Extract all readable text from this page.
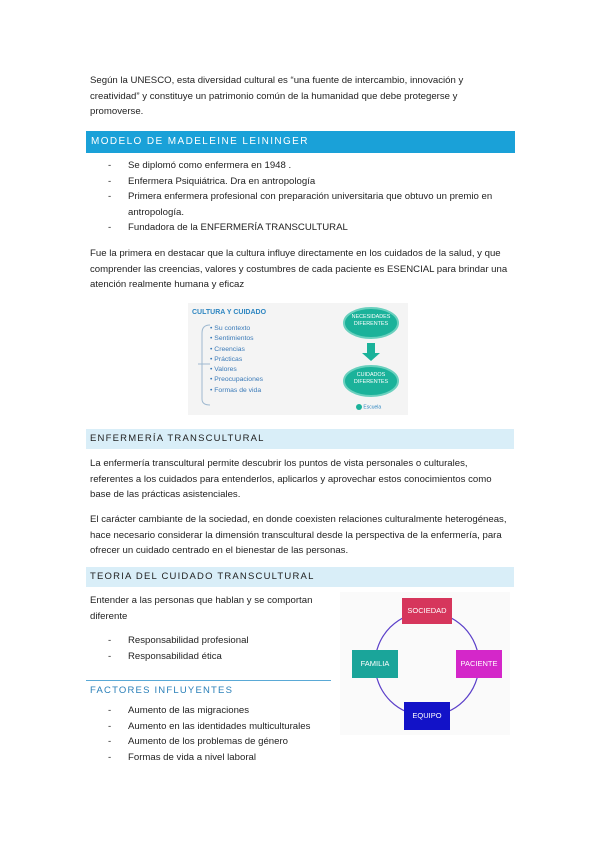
Según la UNESCO, esta diversidad cultural es “una fuente de intercambio, innovación y creatividad” y constituye un patrimonio común de la humanidad que debe protegerse y promoverse.
MODELO DE MADELEINE LEININGER
- Se diplomó como enfermera en 1948 .
- Enfermera Psiquiátrica. Dra en antropología
- Primera enfermera profesional con preparación universitaria que obtuvo un premio en antropología.
- Fundadora de la ENFERMERÍA TRANSCULTURAL
Fue la primera en destacar que la cultura influye directamente en los cuidados de la salud, y que comprender las creencias, valores y costumbres de cada paciente es ESENCIAL para brindar una atención realmente humana y eficaz
CULTURA Y CUIDADO
• Su contexto
• Sentimientos
• Creencias
• Prácticas
• Valores
• Preocupaciones
• Formas de vida
NECESIDADES DIFERENTES
CUIDADOS DIFERENTES
Escuela
ENFERMERÍA TRANSCULTURAL
La enfermería transcultural permite descubrir los puntos de vista personales o culturales, referentes a los cuidados para entenderlos, aplicarlos y aprovechar estos conocimientos como base de las prácticas asistenciales.
El carácter cambiante de la sociedad, en donde coexisten relaciones culturalmente heterogéneas, hace necesario considerar la dimensión transcultural desde la perspectiva de la enfermería, para ofrecer un cuidado centrado en el bienestar de las personas.
TEORIA DEL CUIDADO TRANSCULTURAL
Entender a las personas que hablan y se comportan diferente
- Responsabilidad profesional
- Responsabilidad ética
FACTORES INFLUYENTES
- Aumento de las migraciones
- Aumento en las identidades multiculturales
- Aumento de los problemas de género
- Formas de vida a nivel laboral
SOCIEDAD
PACIENTE
EQUIPO
FAMILIA
